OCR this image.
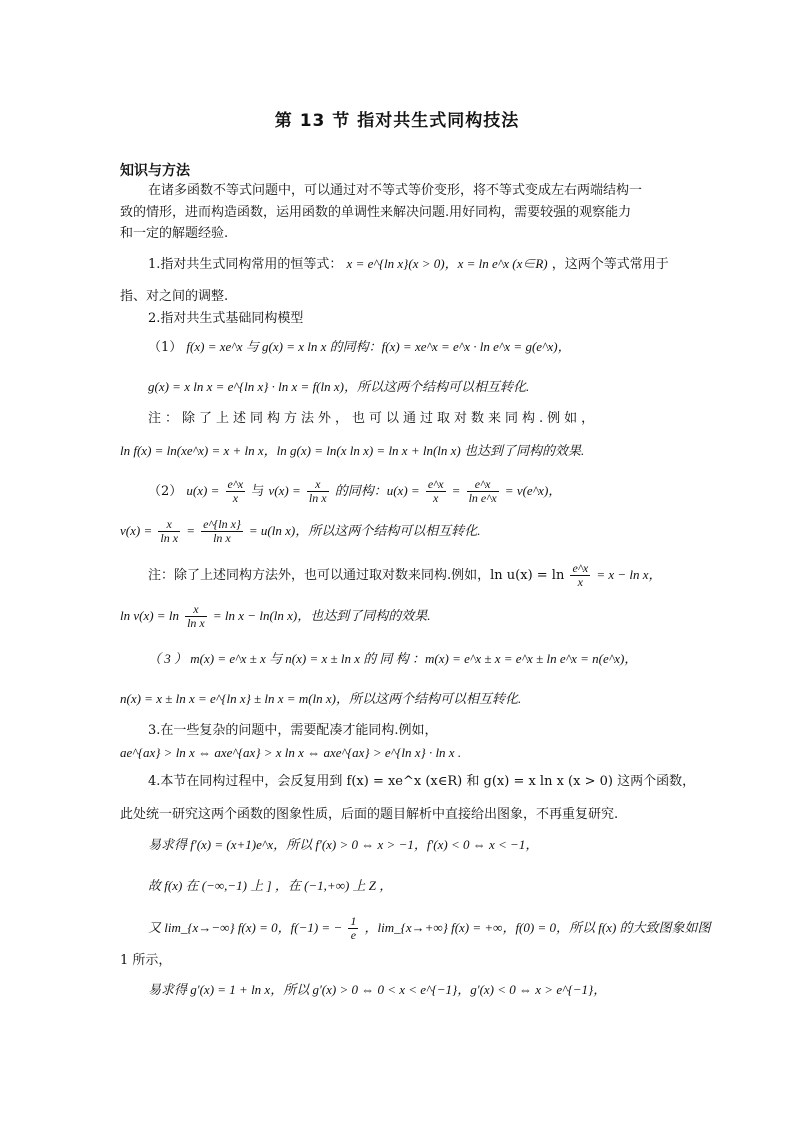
第 13 节 指对共生式同构技法
知识与方法
在诸多函数不等式问题中，可以通过对不等式等价变形，将不等式变成左右两端结构一
致的情形，进而构造函数，运用函数的单调性来解决问题.用好同构，需要较强的观察能力
和一定的解题经验.
1.指对共生式同构常用的恒等式： x = e^{ln x}(x > 0)，x = ln e^x (x∈R) ，这两个等式常用于
指、对之间的调整.
2.指对共生式基础同构模型
（1） f(x) = xe^x 与 g(x) = x ln x 的同构：f(x) = xe^x = e^x · ln e^x = g(e^x)，
g(x) = x ln x = e^{ln x} · ln x = f(ln x)，所以这两个结构可以相互转化.
注：除了上述同构方法外，也可以通过取对数来同构.例如，
ln f(x) = ln(xe^x) = x + ln x，ln g(x) = ln(x ln x) = ln x + ln(ln x) 也达到了同构的效果.
（2） $u(x) = \frac{e\^{}x}{x}$ 与 $v(x) = \frac{x}{\text{ln x}}$ 的同构：$u(x) = \frac{e\^{}x}{x} = \frac{e\^{}x}{\text{ln e\textasciicircum{}x}}$ = v(e^x)，
$v(x) = \frac{x}{\text{ln x}} = \frac{\text{e\textasciicircum{}\{ln x\}}}{\text{ln x}} = u(\ln$ x)，所以这两个结构可以相互转化.
注：除了上述同构方法外，也可以通过取对数来同构.例如，$\ln u(x) = \ln \frac{e\^{}x}{x} = x - \ln x$，
$\ln v(x) = \ln \frac{x}{\text{ln x}} = \ln x - \ln(\ln$ x)，也达到了同构的效果.
（ 3 ） m(x) = e^x ± x 与 n(x) = x ± ln x 的 同 构 ：m(x) = e^x ± x = e^x ± ln e^x = n(e^x)，
n(x) = x ± ln x = e^{ln x} ± ln x = m(ln x)，所以这两个结构可以相互转化.
3.在一些复杂的问题中，需要配凑才能同构.例如，
ae^{ax} > ln x ⇔ axe^{ax} > x ln x ⇔ axe^{ax} > e^{ln x} · ln x .
4.本节在同构过程中，会反复用到 f(x) = xe^x (x∈R) 和 g(x) = x ln x (x > 0) 这两个函数，
此处统一研究这两个函数的图象性质，后面的题目解析中直接给出图象，不再重复研究.
易求得 f′(x) = (x+1)e^x，所以 f′(x) > 0 ⇔ x > −1，f′(x) < 0 ⇔ x < −1，
故 f(x) 在 (−∞,−1) 上 ] ，在 (−1,+∞) 上 Z ，
又 lim_{x→−∞} f(x) = 0，f(−1) = − $\frac{1}{e}$ ，lim_{x→+∞} f(x) = +∞，f(0) = 0，所以 f(x) 的大致图象如图
1 所示，
易求得 g′(x) = 1 + ln x，所以 g′(x) > 0 ⇔ 0 < x < e^{−1}，g′(x) < 0 ⇔ x > e^{−1}，
